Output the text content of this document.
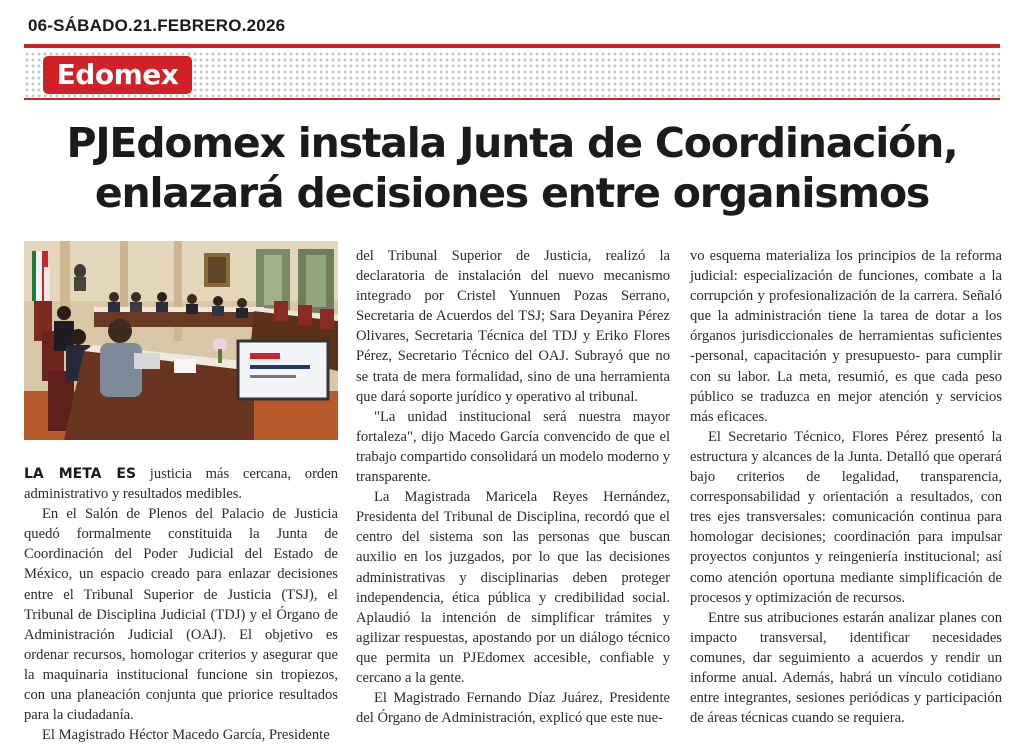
06-SÁBADO.21.FEBRERO.2026
Edomex
PJEdomex instala Junta de Coordinación,
enlazará decisiones entre organismos

LA META ES justicia más cercana, orden administrativo y resultados medibles.

En el Salón de Plenos del Palacio de Justicia quedó formalmente constituida la Junta de Coordinación del Poder Judicial del Estado de México, un espacio creado para enlazar decisiones entre el Tribunal Superior de Justicia (TSJ), el Tribunal de Disciplina Judicial (TDJ) y el Órgano de Administración Judicial (OAJ). El objetivo es ordenar recursos, homologar criterios y asegurar que la maquinaria institucional funcione sin tropiezos, con una planeación conjunta que priorice resultados para la ciudadanía.

El Magistrado Héctor Macedo García, Presidente

del Tribunal Superior de Justicia, realizó la declaratoria de instalación del nuevo mecanismo integrado por Cristel Yunnuen Pozas Serrano, Secretaria de Acuerdos del TSJ; Sara Deyanira Pérez Olivares, Secretaria Técnica del TDJ y Eriko Flores Pérez, Secretario Técnico del OAJ. Subrayó que no se trata de mera formalidad, sino de una herramienta que dará soporte jurídico y operativo al tribunal.

"La unidad institucional será nuestra mayor fortaleza", dijo Macedo García convencido de que el trabajo compartido consolidará un modelo moderno y transparente.

La Magistrada Maricela Reyes Hernández, Presidenta del Tribunal de Disciplina, recordó que el centro del sistema son las personas que buscan auxilio en los juzgados, por lo que las decisiones administrativas y disciplinarias deben proteger independencia, ética pública y credibilidad social. Aplaudió la intención de simplificar trámites y agilizar respuestas, apostando por un diálogo técnico que permita un PJEdomex accesible, confiable y cercano a la gente.

El Magistrado Fernando Díaz Juárez, Presidente del Órgano de Administración, explicó que este nue-

vo esquema materializa los principios de la reforma judicial: especialización de funciones, combate a la corrupción y profesionalización de la carrera. Señaló que la administración tiene la tarea de dotar a los órganos jurisdiccionales de herramientas suficientes -personal, capacitación y presupuesto- para cumplir con su labor. La meta, resumió, es que cada peso público se traduzca en mejor atención y servicios más eficaces.

El Secretario Técnico, Flores Pérez presentó la estructura y alcances de la Junta. Detalló que operará bajo criterios de legalidad, transparencia, corresponsabilidad y orientación a resultados, con tres ejes transversales: comunicación continua para homologar decisiones; coordinación para impulsar proyectos conjuntos y reingeniería institucional; así como atención oportuna mediante simplificación de procesos y optimización de recursos.

Entre sus atribuciones estarán analizar planes con impacto transversal, identificar necesidades comunes, dar seguimiento a acuerdos y rendir un informe anual. Además, habrá un vínculo cotidiano entre integrantes, sesiones periódicas y participación de áreas técnicas cuando se requiera.
